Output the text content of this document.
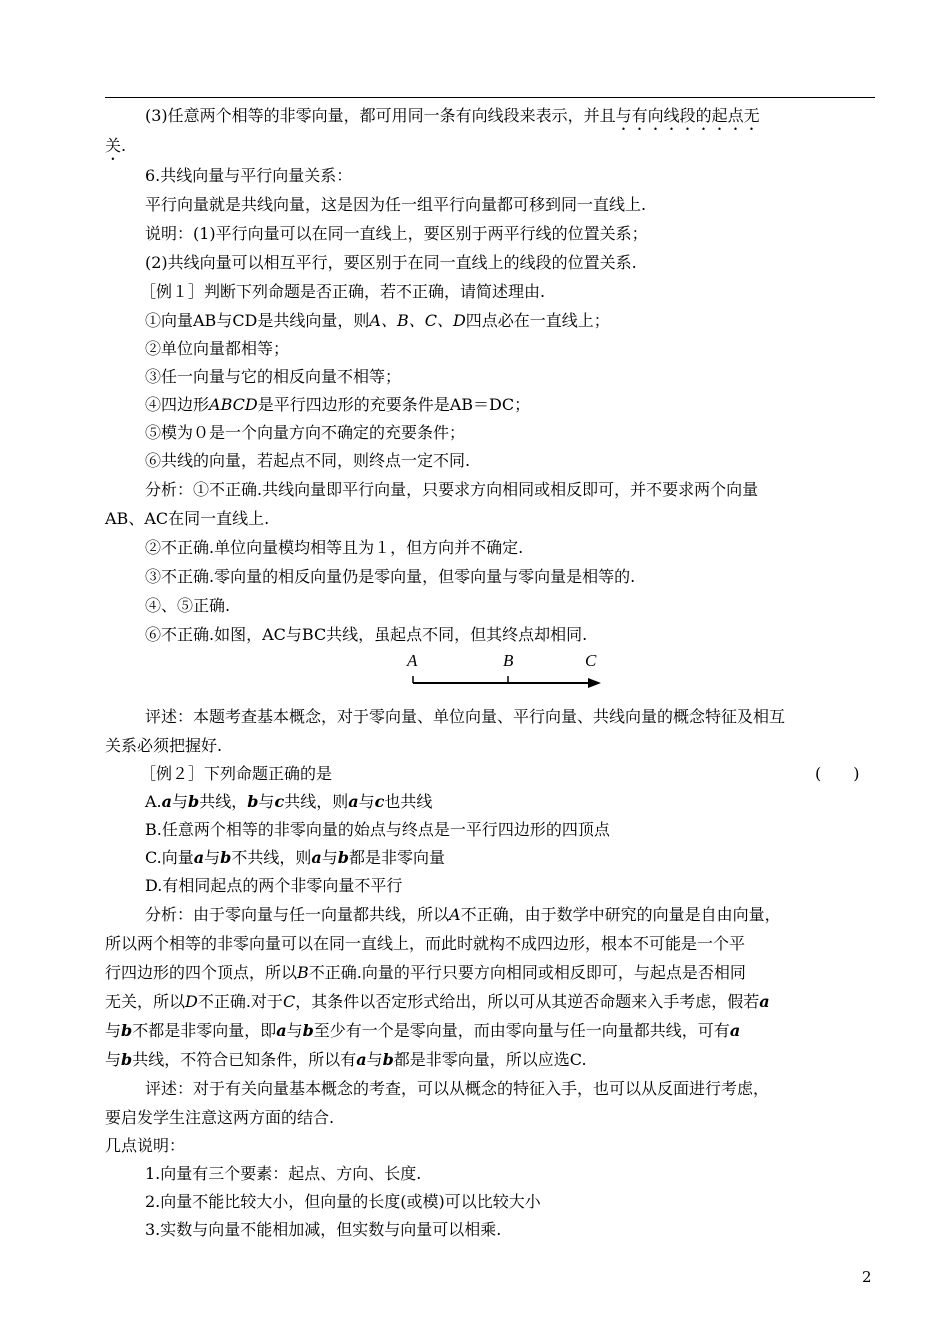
(3)任意两个相等的非零向量，都可用同一条有向线段来表示，并且与有向线段的起点无
关.
6.共线向量与平行向量关系：
平行向量就是共线向量，这是因为任一组平行向量都可移到同一直线上.
说明：(1)平行向量可以在同一直线上，要区别于两平行线的位置关系；
(2)共线向量可以相互平行，要区别于在同一直线上的线段的位置关系.
［例１］判断下列命题是否正确，若不正确，请简述理由.
①向量AB与CD是共线向量，则A、B、C、D四点必在一直线上；
②单位向量都相等；
③任一向量与它的相反向量不相等；
④四边形ABCD是平行四边形的充要条件是AB＝DC；
⑤模为０是一个向量方向不确定的充要条件；
⑥共线的向量，若起点不同，则终点一定不同.
分析：①不正确.共线向量即平行向量，只要求方向相同或相反即可，并不要求两个向量
AB、AC在同一直线上.
②不正确.单位向量模均相等且为１，但方向并不确定.
③不正确.零向量的相反向量仍是零向量，但零向量与零向量是相等的.
④、⑤正确.
⑥不正确.如图，AC与BC共线，虽起点不同，但其终点却相同.
A	B	C
评述：本题考查基本概念，对于零向量、单位向量、平行向量、共线向量的概念特征及相互
关系必须把握好.
［例２］下列命题正确的是	(　　)
A.a与b共线，b与c共线，则a与c也共线
B.任意两个相等的非零向量的始点与终点是一平行四边形的四顶点
C.向量a与b不共线，则a与b都是非零向量
D.有相同起点的两个非零向量不平行
分析：由于零向量与任一向量都共线，所以A不正确，由于数学中研究的向量是自由向量，
所以两个相等的非零向量可以在同一直线上，而此时就构不成四边形，根本不可能是一个平
行四边形的四个顶点，所以B不正确.向量的平行只要方向相同或相反即可，与起点是否相同
无关，所以D不正确.对于C，其条件以否定形式给出，所以可从其逆否命题来入手考虑，假若a
与b不都是非零向量，即a与b至少有一个是零向量，而由零向量与任一向量都共线，可有a
与b共线，不符合已知条件，所以有a与b都是非零向量，所以应选C.
评述：对于有关向量基本概念的考查，可以从概念的特征入手，也可以从反面进行考虑，
要启发学生注意这两方面的结合.
几点说明：
1.向量有三个要素：起点、方向、长度.
2.向量不能比较大小，但向量的长度(或模)可以比较大小
3.实数与向量不能相加减，但实数与向量可以相乘.
2
